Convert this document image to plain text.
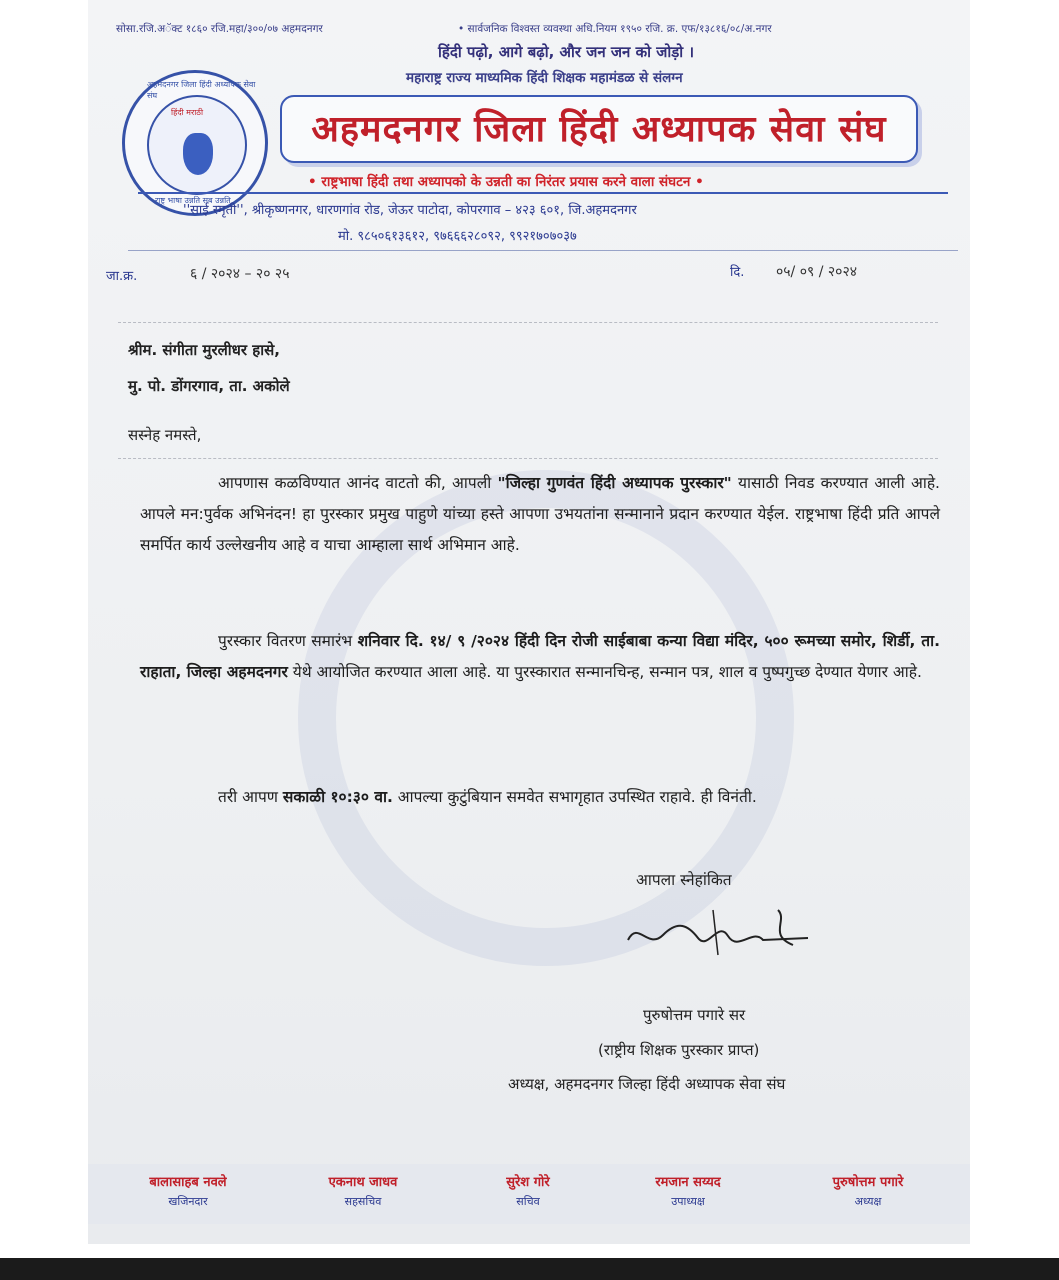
सोसा.रजि.अॅक्ट १८६० रजि.महा/३००/०७ अहमदनगर	• सार्वजनिक विश्वस्त व्यवस्था अधि.नियम १९५० रजि. क्र. एफ/१३८१६/०८/अ.नगर
हिंदी पढ़ो, आगे बढ़ो, और जन जन को जोड़ो ।
महाराष्ट्र राज्य माध्यमिक हिंदी शिक्षक महामंडळ से संलग्न
अहमदनगर जिला हिंदी अध्यापक सेवा संघ
राष्ट्र भाषा उन्नति सब उन्नति
हिंदी मराठी	अहमदनगर जिला हिंदी अध्यापक सेवा संघ
• राष्ट्रभाषा हिंदी तथा अध्यापको के उन्नती का निरंतर प्रयास करने वाला संघटन •
''साई स्मृती'', श्रीकृष्णनगर, धारणगांव रोड, जेऊर पाटोदा, कोपरगाव – ४२३ ६०१, जि.अहमदनगर
मो. ९८५०६१३६१२, ९७६६६२८०९२, ९९२१७०७०३७
जा.क्र.	६ / २०२४ – २० २५	दि. ०५/ ०९ / २०२४
श्रीम. संगीता मुरलीधर हासे,
मु. पो. डोंगरगाव, ता. अकोले
सस्नेह नमस्ते,
आपणास कळविण्यात आनंद वाटतो की, आपली "जिल्हा गुणवंत हिंदी अध्यापक पुरस्कार" यासाठी निवड करण्यात आली आहे. आपले मन:पुर्वक अभिनंदन! हा पुरस्कार प्रमुख पाहुणे यांच्या हस्ते आपणा उभयतांना सन्मानाने प्रदान करण्यात येईल. राष्ट्रभाषा हिंदी प्रति आपले समर्पित कार्य उल्लेखनीय आहे व याचा आम्हाला सार्थ अभिमान आहे.
पुरस्कार वितरण समारंभ शनिवार दि. १४/ ९ /२०२४ हिंदी दिन रोजी साईबाबा कन्या विद्या मंदिर, ५०० रूमच्या समोर, शिर्डी, ता. राहाता, जिल्हा अहमदनगर येथे आयोजित करण्यात आला आहे. या पुरस्कारात सन्मानचिन्ह, सन्मान पत्र, शाल व पुष्पगुच्छ देण्यात येणार आहे.
तरी आपण सकाळी १०:३० वा. आपल्या कुटुंबियान समवेत सभागृहात उपस्थित राहावे. ही विनंती.
आपला स्नेहांकित
पुरुषोत्तम पगारे सर
(राष्ट्रीय शिक्षक पुरस्कार प्राप्त)
अध्यक्ष, अहमदनगर जिल्हा हिंदी अध्यापक सेवा संघ
बालासाहब नवले
खजिनदार
एकनाथ जाधव
सहसचिव
सुरेश गोरे
सचिव
रमजान सय्यद
उपाध्यक्ष
पुरुषोत्तम पगारे
अध्यक्ष
